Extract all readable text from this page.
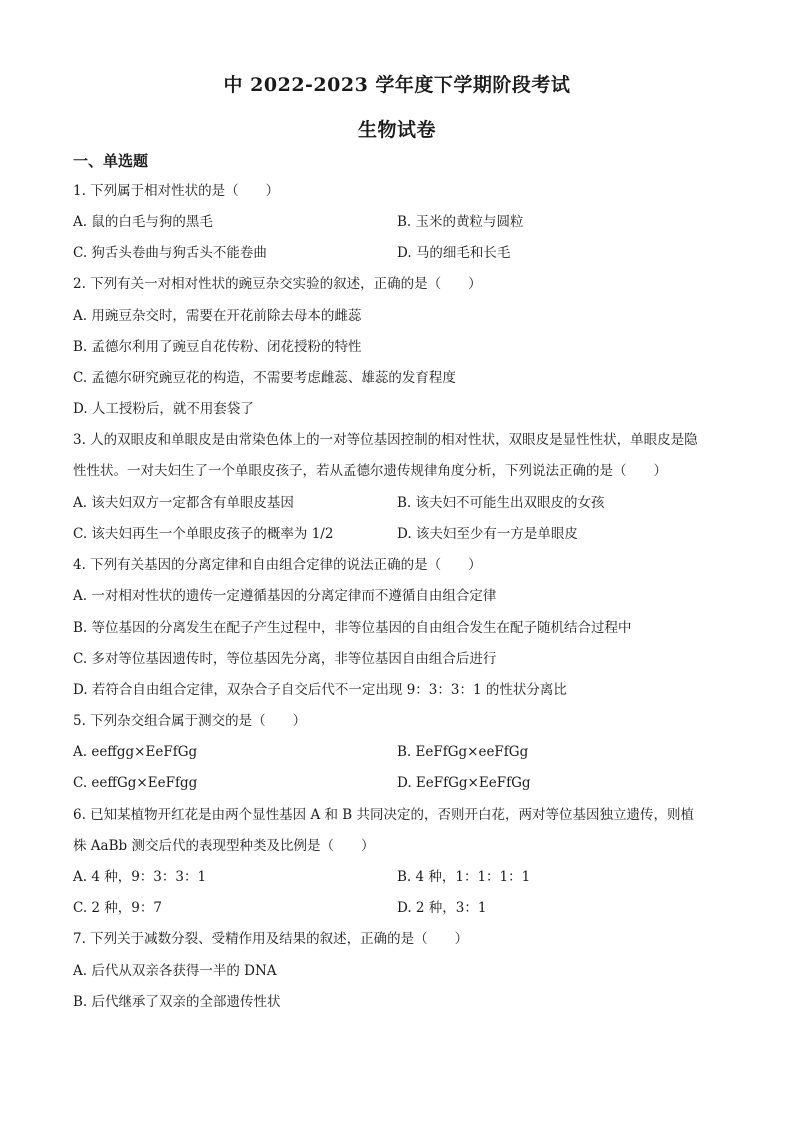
中 2022-2023 学年度下学期阶段考试
生物试卷
一、单选题
1. 下列属于相对性状的是（　　）
A. 鼠的白毛与狗的黑毛	B. 玉米的黄粒与圆粒
C. 狗舌头卷曲与狗舌头不能卷曲	D. 马的细毛和长毛
2. 下列有关一对相对性状的豌豆杂交实验的叙述，正确的是（　　）
A. 用豌豆杂交时，需要在开花前除去母本的雌蕊
B. 孟德尔利用了豌豆自花传粉、闭花授粉的特性
C. 孟德尔研究豌豆花的构造，不需要考虑雌蕊、雄蕊的发育程度
D. 人工授粉后，就不用套袋了
3. 人的双眼皮和单眼皮是由常染色体上的一对等位基因控制的相对性状，双眼皮是显性性状，单眼皮是隐
性性状。一对夫妇生了一个单眼皮孩子，若从孟德尔遗传规律角度分析，下列说法正确的是（　　）
A. 该夫妇双方一定都含有单眼皮基因	B. 该夫妇不可能生出双眼皮的女孩
C. 该夫妇再生一个单眼皮孩子的概率为 1/2	D. 该夫妇至少有一方是单眼皮
4. 下列有关基因的分离定律和自由组合定律的说法正确的是（　　）
A. 一对相对性状的遗传一定遵循基因的分离定律而不遵循自由组合定律
B. 等位基因的分离发生在配子产生过程中，非等位基因的自由组合发生在配子随机结合过程中
C. 多对等位基因遗传时，等位基因先分离，非等位基因自由组合后进行
D. 若符合自由组合定律，双杂合子自交后代不一定出现 9：3：3：1 的性状分离比
5. 下列杂交组合属于测交的是（　　）
A. eeffgg×EeFfGg	B. EeFfGg×eeFfGg
C. eeffGg×EeFfgg	D. EeFfGg×EeFfGg
6. 已知某植物开红花是由两个显性基因 A 和 B 共同决定的，否则开白花，两对等位基因独立遗传，则植
株 AaBb 测交后代的表现型种类及比例是（　　）
A. 4 种，9：3：3：1	B. 4 种，1：1：1：1
C. 2 种，9：7	D. 2 种，3：1
7. 下列关于减数分裂、受精作用及结果的叙述，正确的是（　　）
A. 后代从双亲各获得一半的 DNA
B. 后代继承了双亲的全部遗传性状
